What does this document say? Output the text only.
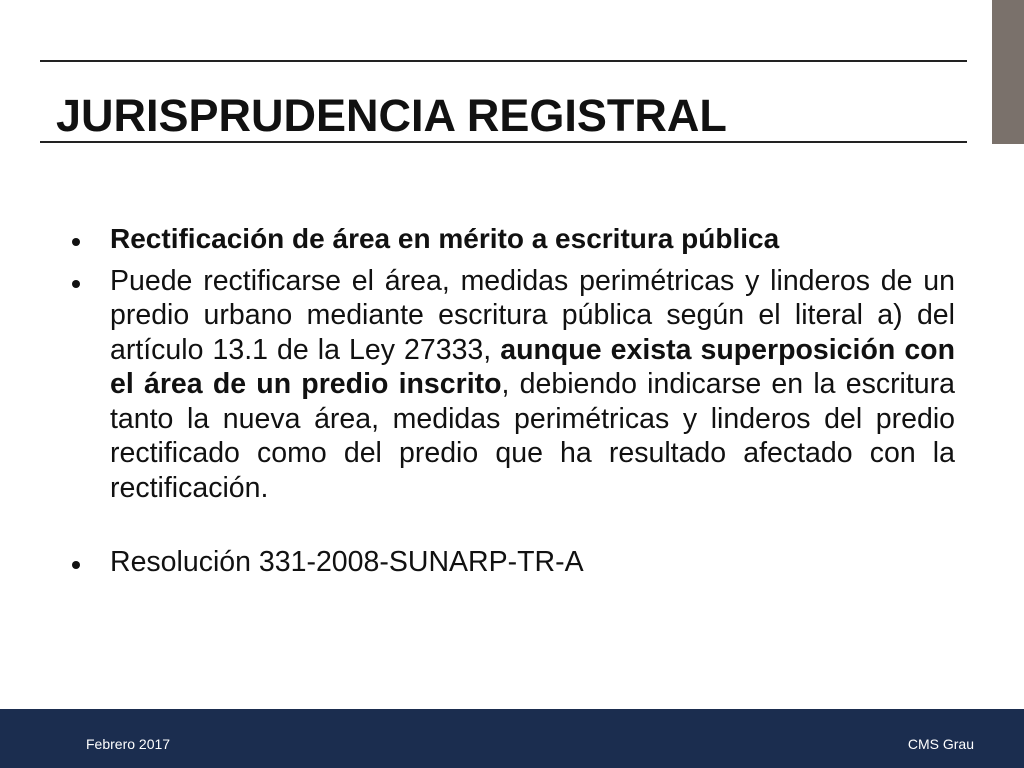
JURISPRUDENCIA REGISTRAL

Rectificación de área en mérito a escritura pública

Puede rectificarse el área, medidas perimétricas y linderos de un predio urbano mediante escritura pública según el literal a) del artículo 13.1 de la Ley 27333, aunque exista superposición con el área de un predio inscrito, debiendo indicarse en la escritura tanto la nueva área, medidas perimétricas y linderos del predio rectificado como del predio que ha resultado afectado con la rectificación.

Resolución 331-2008-SUNARP-TR-A

Febrero 2017	CMS Grau
